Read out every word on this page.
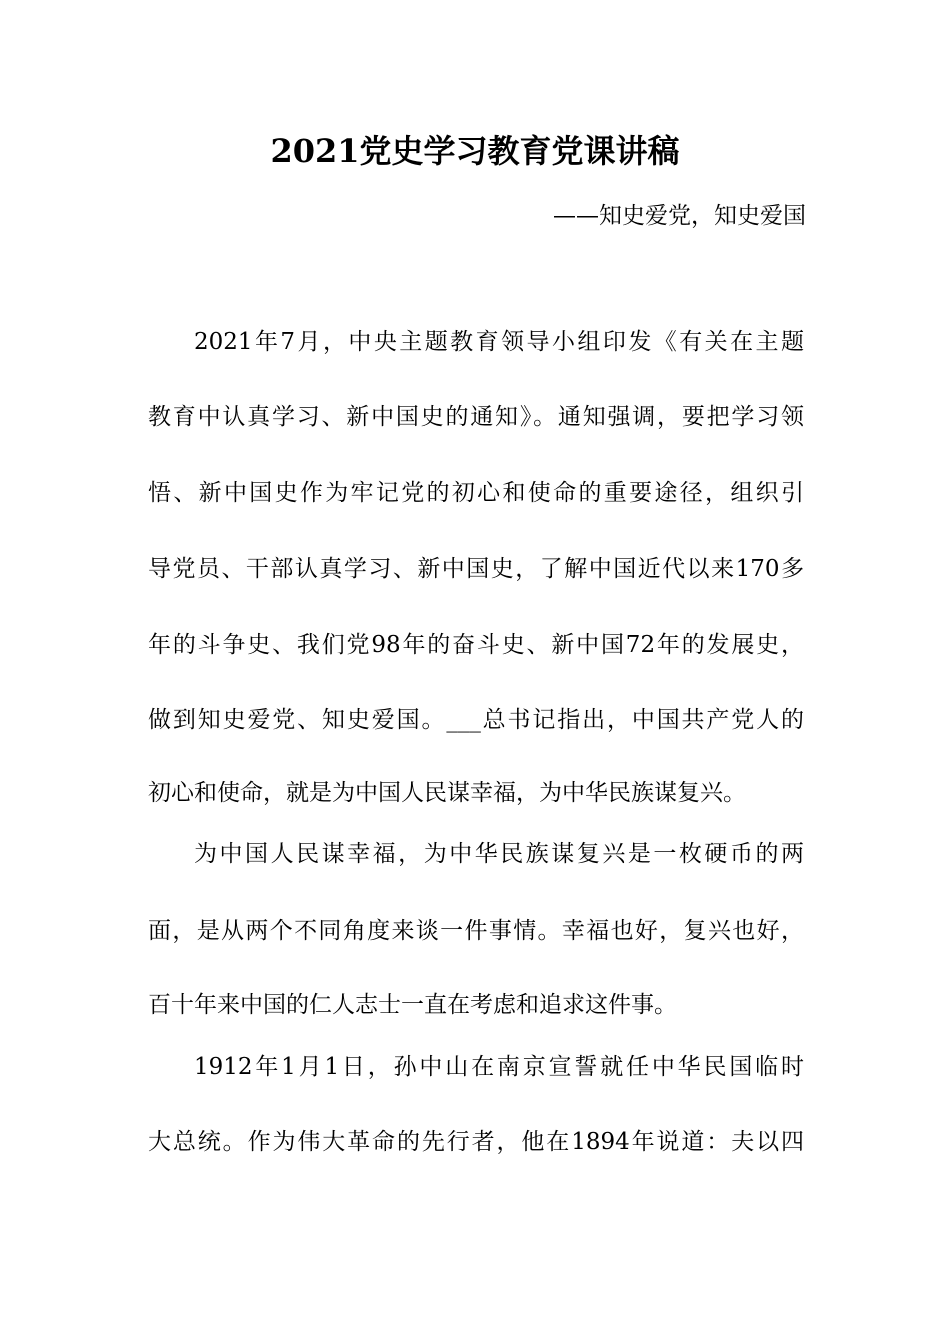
2021党史学习教育党课讲稿

——知史爱党，知史爱国

2021年7月，中央主题教育领导小组印发《有关在主题

教育中认真学习、新中国史的通知》。通知强调，要把学习领

悟、新中国史作为牢记党的初心和使命的重要途径，组织引

导党员、干部认真学习、新中国史，了解中国近代以来170多

年的斗争史、我们党98年的奋斗史、新中国72年的发展史，

做到知史爱党、知史爱国。___总书记指出，中国共产党人的

初心和使命，就是为中国人民谋幸福，为中华民族谋复兴。

为中国人民谋幸福，为中华民族谋复兴是一枚硬币的两

面，是从两个不同角度来谈一件事情。幸福也好，复兴也好，

百十年来中国的仁人志士一直在考虑和追求这件事。

1912年1月1日，孙中山在南京宣誓就任中华民国临时

大总统。作为伟大革命的先行者，他在1894年说道：夫以四
